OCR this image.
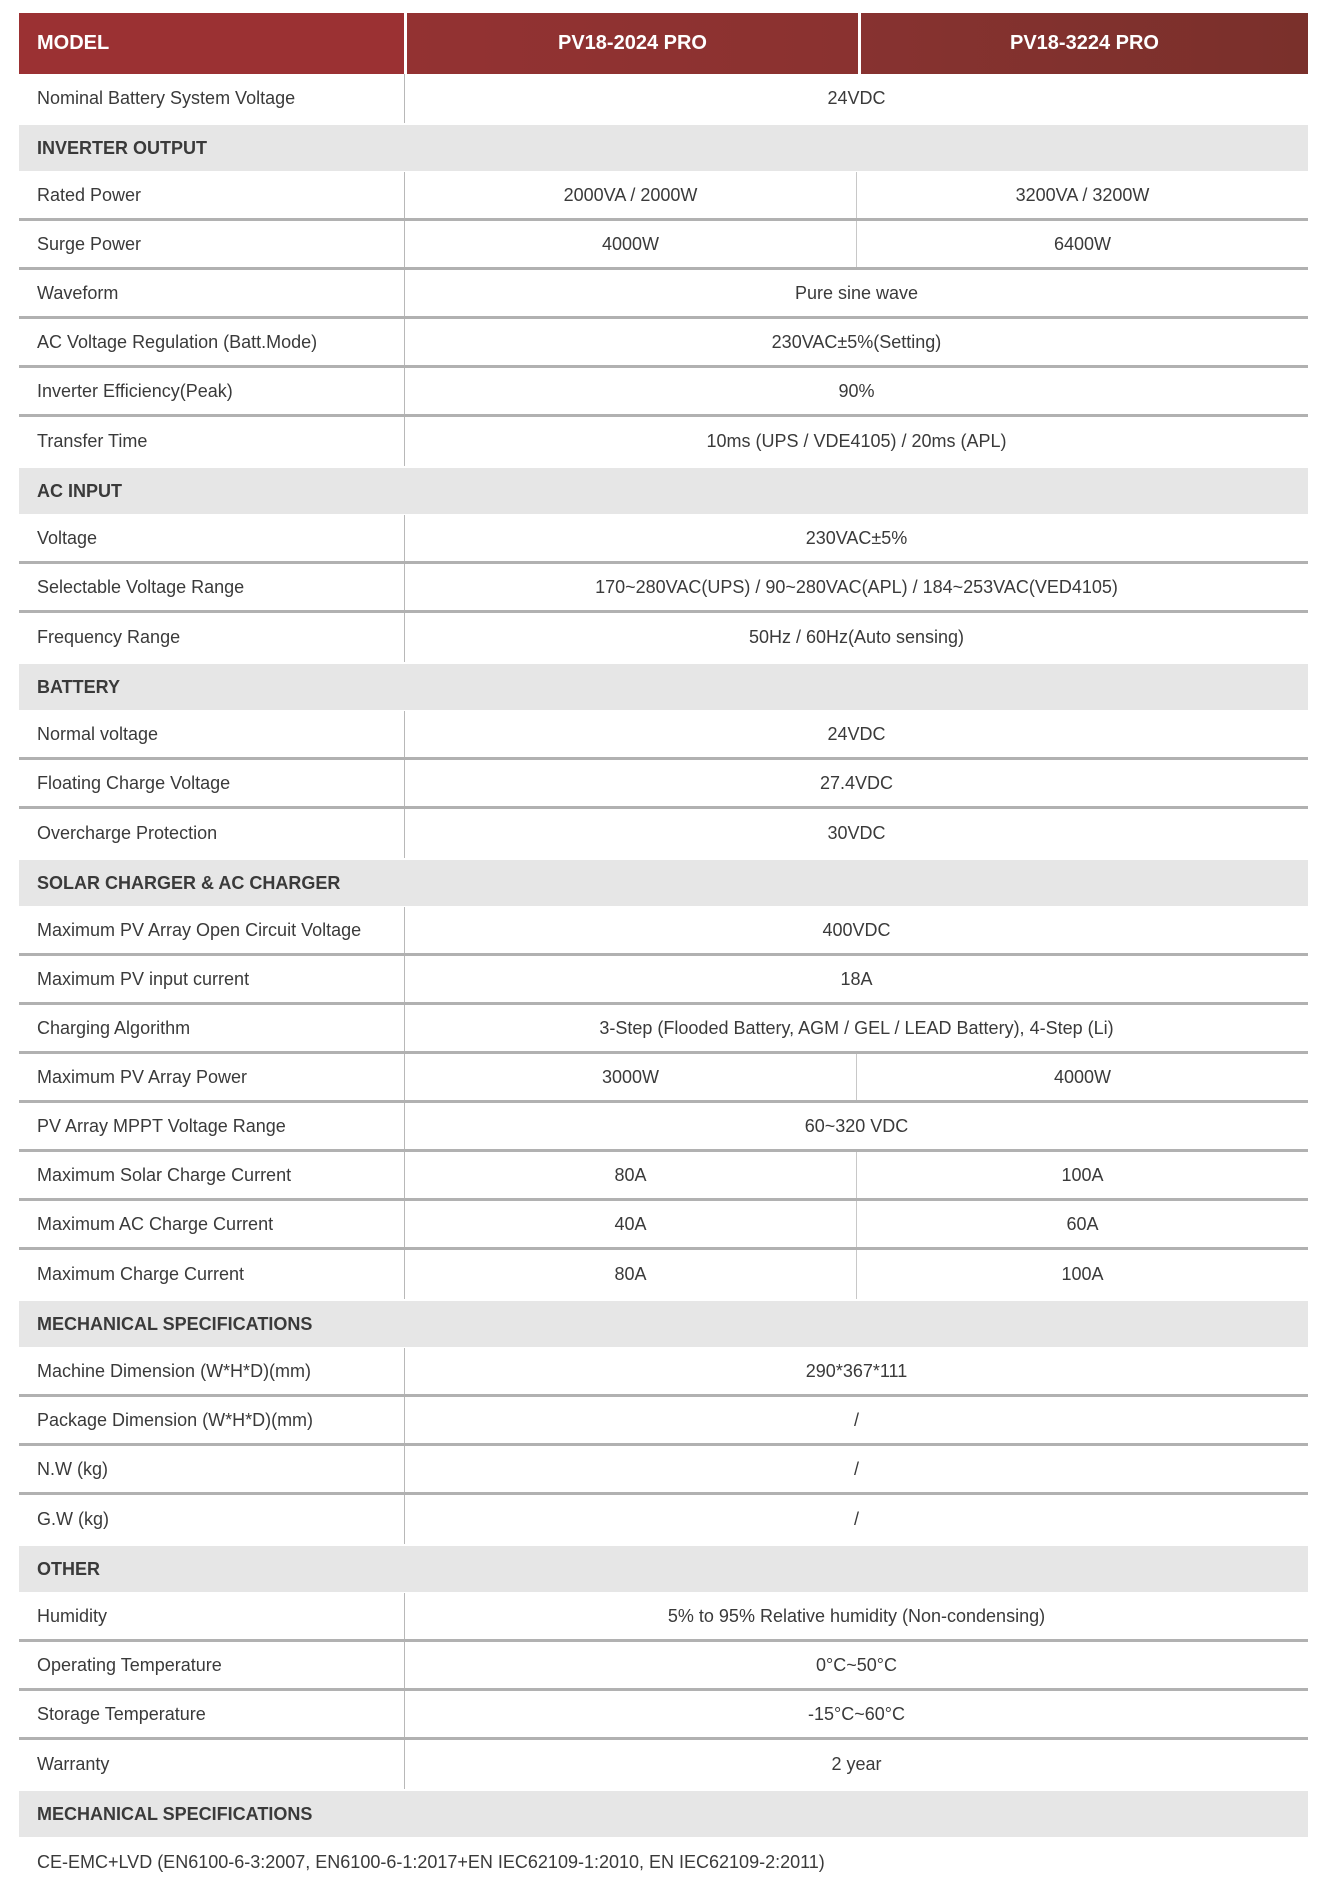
MODEL	PV18-2024 PRO	PV18-3224 PRO
Nominal Battery System Voltage	24VDC
INVERTER OUTPUT
Rated Power	2000VA / 2000W	3200VA / 3200W
Surge Power	4000W	6400W
Waveform	Pure sine wave
AC Voltage Regulation (Batt.Mode)	230VAC±5%(Setting)
Inverter Efficiency(Peak)	90%
Transfer Time	10ms (UPS / VDE4105) / 20ms (APL)
AC INPUT
Voltage	230VAC±5%
Selectable Voltage Range	170~280VAC(UPS) / 90~280VAC(APL) / 184~253VAC(VED4105)
Frequency Range	50Hz / 60Hz(Auto sensing)
BATTERY
Normal voltage	24VDC
Floating Charge Voltage	27.4VDC
Overcharge Protection	30VDC
SOLAR CHARGER & AC CHARGER
Maximum PV Array Open Circuit Voltage	400VDC
Maximum PV input current	18A
Charging Algorithm	3-Step (Flooded Battery, AGM / GEL / LEAD Battery), 4-Step (Li)
Maximum PV Array Power	3000W	4000W
PV Array MPPT Voltage Range	60~320 VDC
Maximum Solar Charge Current	80A	100A
Maximum AC Charge Current	40A	60A
Maximum Charge Current	80A	100A
MECHANICAL SPECIFICATIONS
Machine Dimension (W*H*D)(mm)	290*367*111
Package Dimension (W*H*D)(mm)	/
N.W (kg)	/
G.W (kg)	/
OTHER
Humidity	5% to 95% Relative humidity (Non-condensing)
Operating Temperature	0°C~50°C
Storage Temperature	-15°C~60°C
Warranty	2 year
MECHANICAL SPECIFICATIONS
CE-EMC+LVD (EN6100-6-3:2007, EN6100-6-1:2017+EN IEC62109-1:2010, EN IEC62109-2:2011)
